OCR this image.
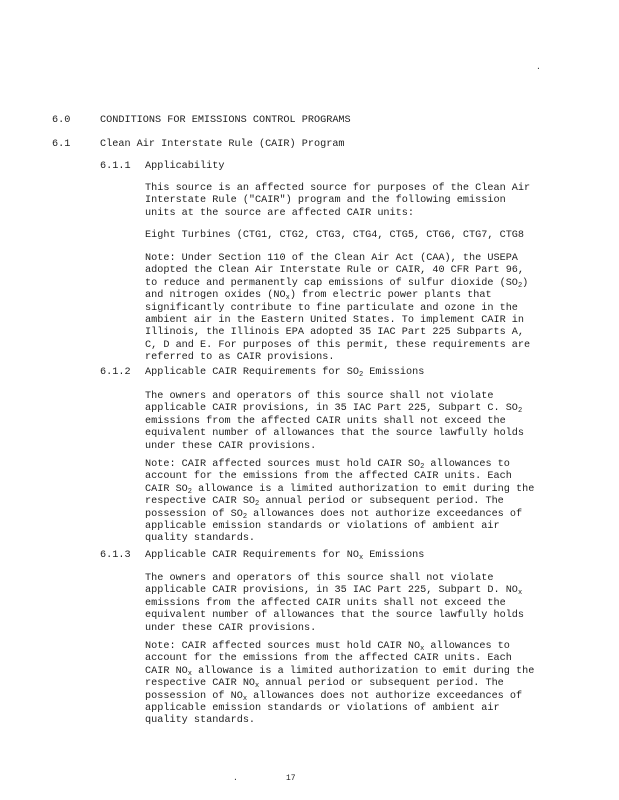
.
6.0	CONDITIONS FOR EMISSIONS CONTROL PROGRAMS
6.1	Clean Air Interstate Rule (CAIR) Program
6.1.1 Applicability
This source is an affected source for purposes of the Clean Air
Interstate Rule ("CAIR") program and the following emission
units at the source are affected CAIR units:
Eight Turbines (CTG1, CTG2, CTG3, CTG4, CTG5, CTG6, CTG7, CTG8
Note: Under Section 110 of the Clean Air Act (CAA), the USEPA
adopted the Clean Air Interstate Rule or CAIR, 40 CFR Part 96,
to reduce and permanently cap emissions of sulfur dioxide $(SO_2)$
and nitrogen oxides $(NO_x)$ from electric power plants that
significantly contribute to fine particulate and ozone in the
ambient air in the Eastern United States. To implement CAIR in
Illinois, the Illinois EPA adopted 35 IAC Part 225 Subparts A,
C, D and E. For purposes of this permit, these requirements are
referred to as CAIR provisions.
6.1.2 Applicable CAIR Requirements for $SO_2$ Emissions
The owners and operators of this source shall not violate
applicable CAIR provisions, in 35 IAC Part 225, Subpart C. $SO_2$
emissions from the affected CAIR units shall not exceed the
equivalent number of allowances that the source lawfully holds
under these CAIR provisions.
Note: CAIR affected sources must hold CAIR $SO_2$ allowances to
account for the emissions from the affected CAIR units. Each
CAIR $SO_2$ allowance is a limited authorization to emit during the
respective CAIR $SO_2$ annual period or subsequent period. The
possession of $SO_2$ allowances does not authorize exceedances of
applicable emission standards or violations of ambient air
quality standards.
6.1.3 Applicable CAIR Requirements for $NO_x$ Emissions
The owners and operators of this source shall not violate
applicable CAIR provisions, in 35 IAC Part 225, Subpart D. $NO_x$
emissions from the affected CAIR units shall not exceed the
equivalent number of allowances that the source lawfully holds
under these CAIR provisions.
Note: CAIR affected sources must hold CAIR $NO_x$ allowances to
account for the emissions from the affected CAIR units. Each
CAIR $NO_x$ allowance is a limited authorization to emit during the
respective CAIR $NO_x$ annual period or subsequent period. The
possession of $NO_x$ allowances does not authorize exceedances of
applicable emission standards or violations of ambient air
quality standards.
17
.
